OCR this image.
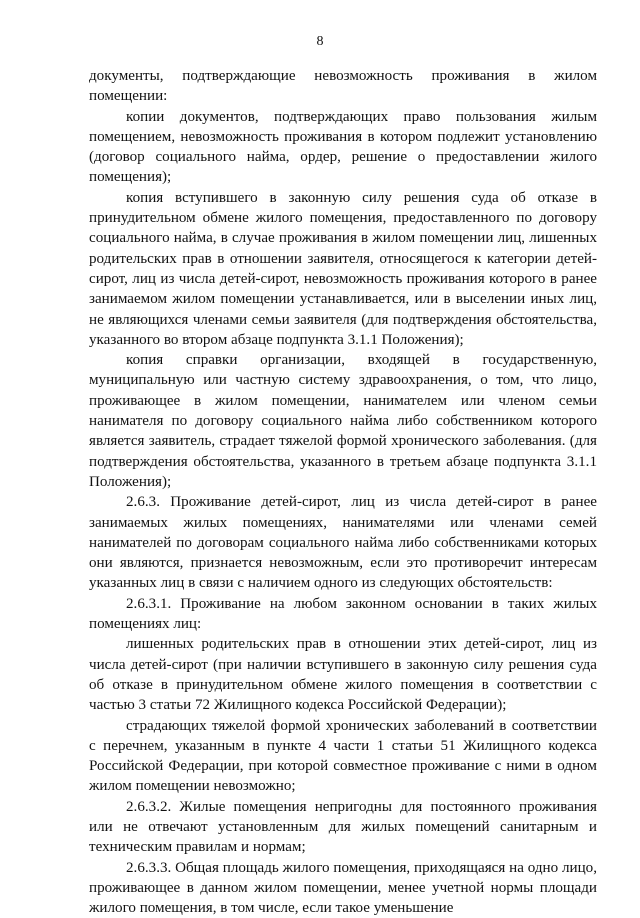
8

документы, подтверждающие невозможность проживания в жилом помещении:

копии документов, подтверждающих право пользования жилым помещением, невозможность проживания в котором подлежит установлению (договор социального найма, ордер, решение о предоставлении жилого помещения);

копия вступившего в законную силу решения суда об отказе в принудительном обмене жилого помещения, предоставленного по договору социального найма, в случае проживания в жилом помещении лиц, лишенных родительских прав в отношении заявителя, относящегося к категории детей-сирот, лиц из числа детей-сирот, невозможность проживания которого в ранее занимаемом жилом помещении устанавливается, или в выселении иных лиц, не являющихся членами семьи заявителя (для подтверждения обстоятельства, указанного во втором абзаце подпункта 3.1.1 Положения);

копия справки организации, входящей в государственную, муниципальную или частную систему здравоохранения, о том, что лицо, проживающее в жилом помещении, нанимателем или членом семьи нанимателя по договору социального найма либо собственником которого является заявитель, страдает тяжелой формой хронического заболевания. (для подтверждения обстоятельства, указанного в третьем абзаце подпункта 3.1.1 Положения);

2.6.3. Проживание детей-сирот, лиц из числа детей-сирот в ранее занимаемых жилых помещениях, нанимателями или членами семей нанимателей по договорам социального найма либо собственниками которых они являются, признается невозможным, если это противоречит интересам указанных лиц в связи с наличием одного из следующих обстоятельств:

2.6.3.1. Проживание на любом законном основании в таких жилых помещениях лиц:

лишенных родительских прав в отношении этих детей-сирот, лиц из числа детей-сирот (при наличии вступившего в законную силу решения суда об отказе в принудительном обмене жилого помещения в соответствии с частью 3 статьи 72 Жилищного кодекса Российской Федерации);

страдающих тяжелой формой хронических заболеваний в соответствии с перечнем, указанным в пункте 4 части 1 статьи 51 Жилищного кодекса Российской Федерации, при которой совместное проживание с ними в одном жилом помещении невозможно;

2.6.3.2. Жилые помещения непригодны для постоянного проживания или не отвечают установленным для жилых помещений санитарным и техническим правилам и нормам;

2.6.3.3. Общая площадь жилого помещения, приходящаяся на одно лицо, проживающее в данном жилом помещении, менее учетной нормы площади жилого помещения, в том числе, если такое уменьшение
